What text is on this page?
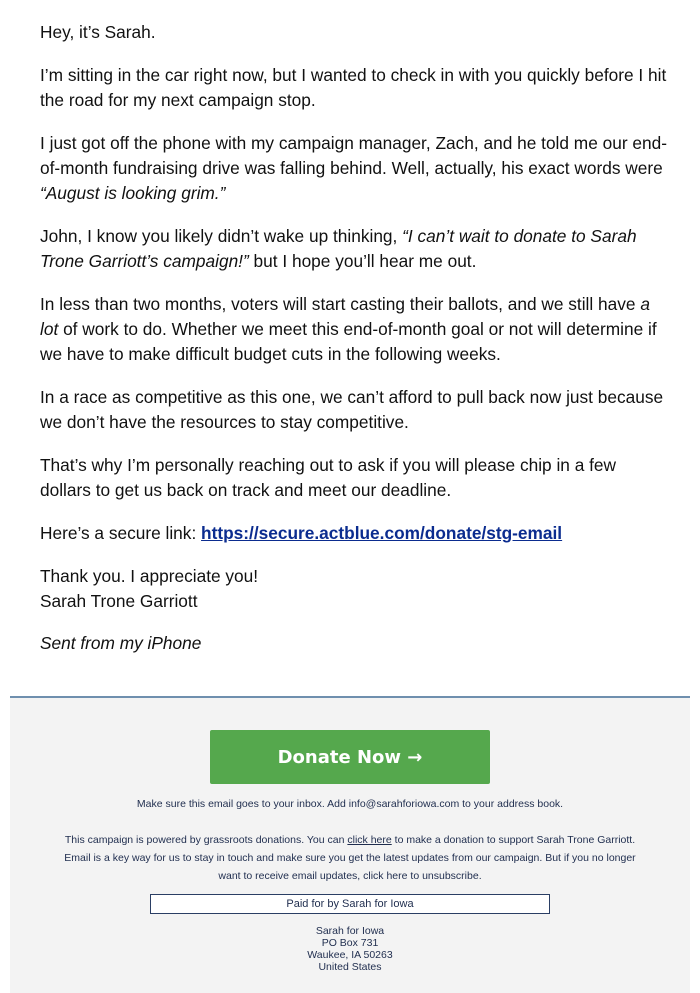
Hey, it’s Sarah.

I’m sitting in the car right now, but I wanted to check in with you quickly before I hit the road for my next campaign stop.

I just got off the phone with my campaign manager, Zach, and he told me our end-of-month fundraising drive was falling behind. Well, actually, his exact words were “August is looking grim.”

John, I know you likely didn’t wake up thinking, “I can’t wait to donate to Sarah Trone Garriott’s campaign!” but I hope you’ll hear me out.

In less than two months, voters will start casting their ballots, and we still have a lot of work to do. Whether we meet this end-of-month goal or not will determine if we have to make difficult budget cuts in the following weeks.

In a race as competitive as this one, we can’t afford to pull back now just because we don’t have the resources to stay competitive.

That’s why I’m personally reaching out to ask if you will please chip in a few dollars to get us back on track and meet our deadline.

Here’s a secure link: https://secure.actblue.com/donate/stg-email

Thank you. I appreciate you!
Sarah Trone Garriott

Sent from my iPhone

Donate Now →
Make sure this email goes to your inbox. Add info@sarahforiowa.com to your address book.
This campaign is powered by grassroots donations. You can click here to make a donation to support Sarah Trone Garriott.
Email is a key way for us to stay in touch and make sure you get the latest updates from our campaign. But if you no longer
want to receive email updates, click here to unsubscribe.
Paid for by Sarah for Iowa
Sarah for Iowa
PO Box 731
Waukee, IA 50263
United States
